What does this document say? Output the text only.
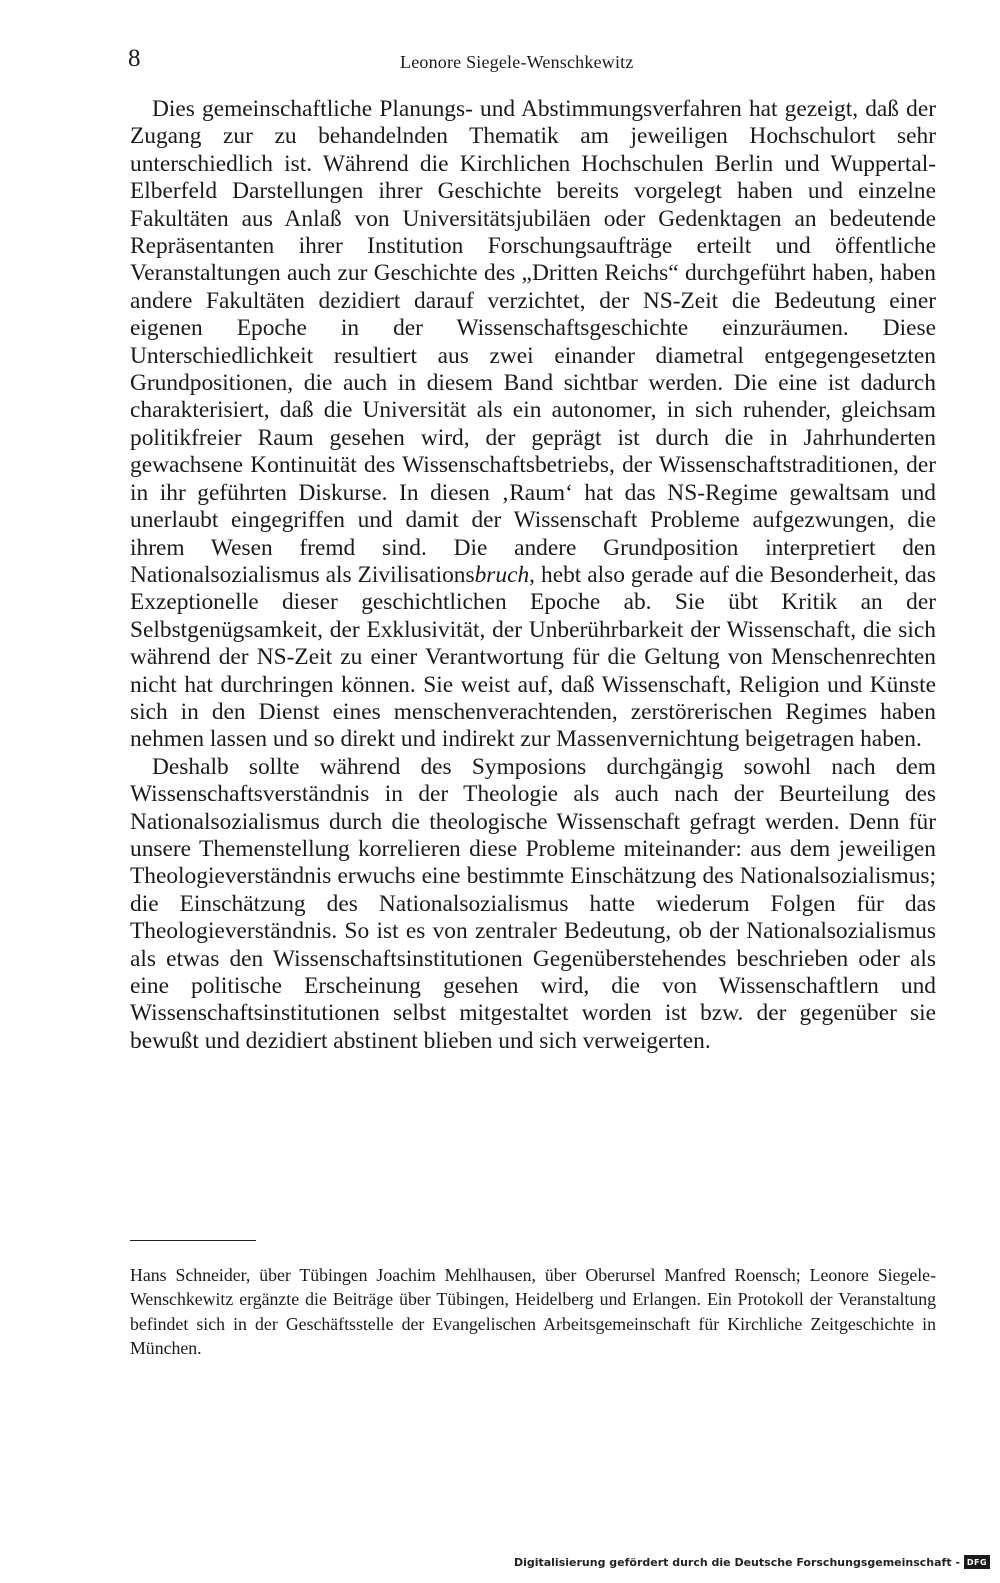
8	Leonore Siegele-Wenschkewitz

Dies gemeinschaftliche Planungs- und Abstimmungsverfahren hat gezeigt, daß der Zugang zur zu behandelnden Thematik am jeweiligen Hochschulort sehr unterschiedlich ist. Während die Kirchlichen Hochschulen Berlin und Wuppertal-Elberfeld Darstellungen ihrer Geschichte bereits vorgelegt haben und einzelne Fakultäten aus Anlaß von Universitätsjubiläen oder Gedenktagen an bedeutende Repräsentanten ihrer Institution Forschungsaufträge erteilt und öffentliche Veranstaltungen auch zur Geschichte des „Dritten Reichs“ durchgeführt haben, haben andere Fakultäten dezidiert darauf verzichtet, der NS-Zeit die Bedeutung einer eigenen Epoche in der Wissenschaftsgeschichte einzuräumen. Diese Unterschiedlichkeit resultiert aus zwei einander diametral entgegengesetzten Grundpositionen, die auch in diesem Band sichtbar werden. Die eine ist dadurch charakterisiert, daß die Universität als ein autonomer, in sich ruhender, gleichsam politikfreier Raum gesehen wird, der geprägt ist durch die in Jahrhunderten gewachsene Kontinuität des Wissenschaftsbetriebs, der Wissenschaftstraditionen, der in ihr geführten Diskurse. In diesen ‚Raum‘ hat das NS-Regime gewaltsam und unerlaubt eingegriffen und damit der Wissenschaft Probleme aufgezwungen, die ihrem Wesen fremd sind. Die andere Grundposition interpretiert den Nationalsozialismus als Zivilisationsbruch, hebt also gerade auf die Besonderheit, das Exzeptionelle dieser geschichtlichen Epoche ab. Sie übt Kritik an der Selbstgenügsamkeit, der Exklusivität, der Unberührbarkeit der Wissenschaft, die sich während der NS-Zeit zu einer Verantwortung für die Geltung von Menschenrechten nicht hat durchringen können. Sie weist auf, daß Wissenschaft, Religion und Künste sich in den Dienst eines menschenverachtenden, zerstörerischen Regimes haben nehmen lassen und so direkt und indirekt zur Massenvernichtung beigetragen haben.

Deshalb sollte während des Symposions durchgängig sowohl nach dem Wissenschaftsverständnis in der Theologie als auch nach der Beurteilung des Nationalsozialismus durch die theologische Wissenschaft gefragt werden. Denn für unsere Themenstellung korrelieren diese Probleme miteinander: aus dem jeweiligen Theologieverständnis erwuchs eine bestimmte Einschätzung des Nationalsozialismus; die Einschätzung des Nationalsozialismus hatte wiederum Folgen für das Theologieverständnis. So ist es von zentraler Bedeutung, ob der Nationalsozialismus als etwas den Wissenschaftsinstitutionen Gegenüberstehendes beschrieben oder als eine politische Erscheinung gesehen wird, die von Wissenschaftlern und Wissenschaftsinstitutionen selbst mitgestaltet worden ist bzw. der gegenüber sie bewußt und dezidiert abstinent blieben und sich verweigerten.

Hans Schneider, über Tübingen Joachim Mehlhausen, über Oberursel Manfred Roensch; Leonore Siegele-Wenschkewitz ergänzte die Beiträge über Tübingen, Heidelberg und Erlangen. Ein Protokoll der Veranstaltung befindet sich in der Geschäftsstelle der Evangelischen Arbeitsgemeinschaft für Kirchliche Zeitgeschichte in München.

Digitalisierung gefördert durch die Deutsche Forschungsgemeinschaft - DFG
